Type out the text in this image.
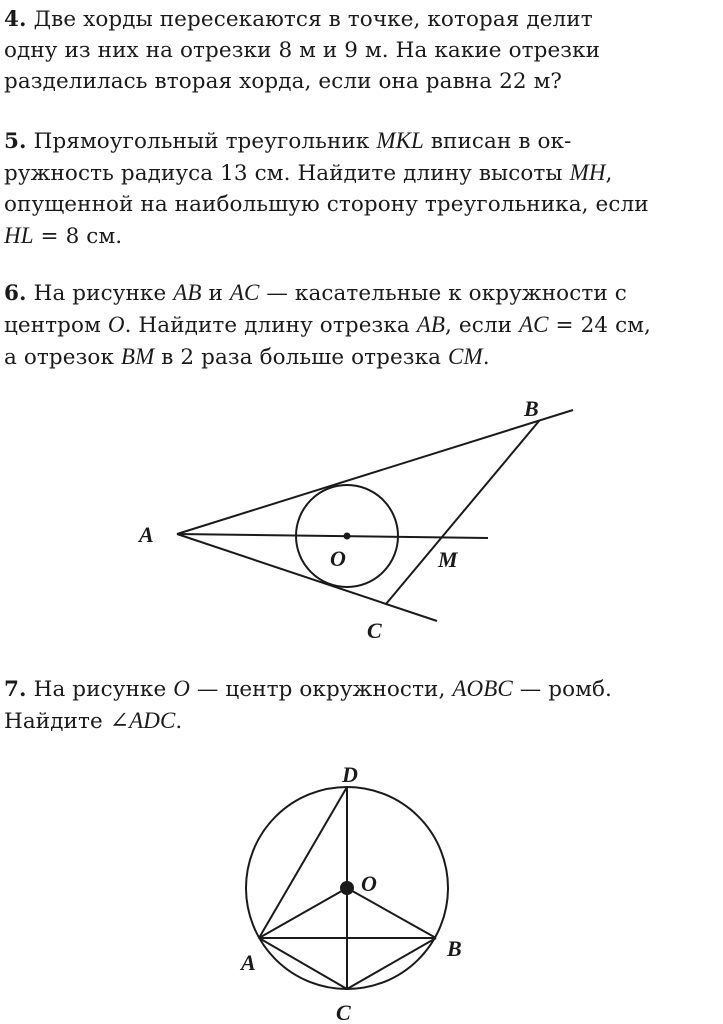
4. Две хорды пересекаются в точке, которая делит
одну из них на отрезки 8 м и 9 м. На какие отрезки
разделилась вторая хорда, если она равна 22 м?
5. Прямоугольный треугольник MKL вписан в ок-
ружность радиуса 13 см. Найдите длину высоты MH,
опущенной на наибольшую сторону треугольника, если
HL = 8 см.
6. На рисунке AB и AC — касательные к окружности с
центром O. Найдите длину отрезка AB, если AC = 24 см,
а отрезок BM в 2 раза больше отрезка CM.
A
B
C
O	M
7. На рисунке O — центр окружности, AOBC — ромб.
Найдите ∠ADC.
D
O
A
B
C
